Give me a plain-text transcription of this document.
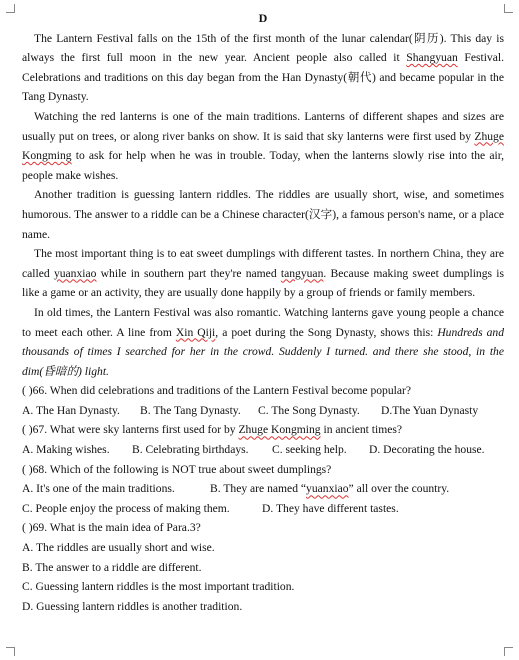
D

The Lantern Festival falls on the 15th of the first month of the lunar calendar(阴历). This day is always the first full moon in the new year. Ancient people also called it Shangyuan Festival. Celebrations and traditions on this day began from the Han Dynasty(朝代) and became popular in the Tang Dynasty.

Watching the red lanterns is one of the main traditions. Lanterns of different shapes and sizes are usually put on trees, or along river banks on show. It is said that sky lanterns were first used by Zhuge Kongming to ask for help when he was in trouble. Today, when the lanterns slowly rise into the air, people make wishes.

Another tradition is guessing lantern riddles. The riddles are usually short, wise, and sometimes humorous. The answer to a riddle can be a Chinese character(汉字), a famous person's name, or a place name.

The most important thing is to eat sweet dumplings with different tastes. In northern China, they are called yuanxiao while in southern part they're named tangyuan. Because making sweet dumplings is like a game or an activity, they are usually done happily by a group of friends or family members.

In old times, the Lantern Festival was also romantic. Watching lanterns gave young people a chance to meet each other. A line from Xin Qiji, a poet during the Song Dynasty, shows this: Hundreds and thousands of times I searched for her in the crowd. Suddenly I turned. and there she stood, in the dim(昏暗的) light.

( )66. When did celebrations and traditions of the Lantern Festival become popular?
A. The Han Dynasty.	B. The Tang Dynasty.	C. The Song Dynasty.	D.The Yuan Dynasty
( )67. What were sky lanterns first used for by Zhuge Kongming in ancient times?
A. Making wishes.	B. Celebrating birthdays.	C. seeking help.	D. Decorating the house.
( )68. Which of the following is NOT true about sweet dumplings?
A. It's one of the main traditions.	B. They are named “yuanxiao” all over the country.
C. People enjoy the process of making them.	D. They have different tastes.
( )69. What is the main idea of Para.3?
A. The riddles are usually short and wise.
B. The answer to a riddle are different.
C. Guessing lantern riddles is the most important tradition.
D. Guessing lantern riddles is another tradition.
